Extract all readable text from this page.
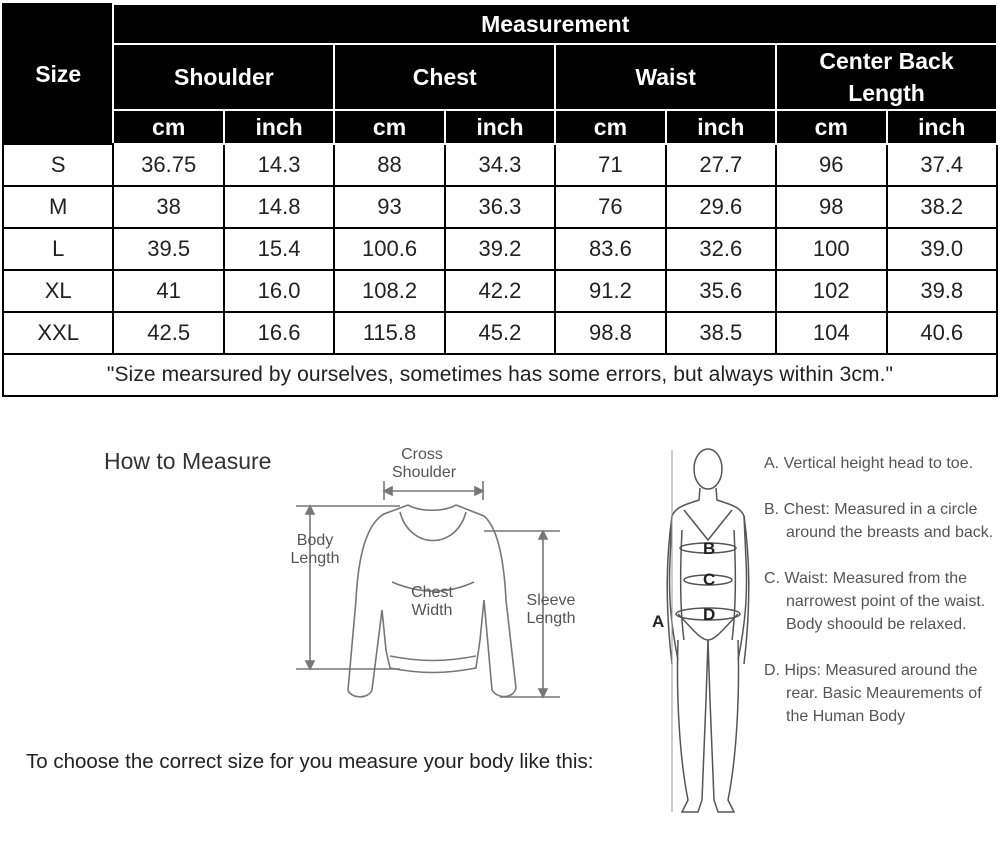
Size	Measurement							
	Shoulder		Chest		Waist		Center Back Length	
	cm	inch	cm	inch	cm	inch	cm	inch
S	36.75	14.3	88	34.3	71	27.7	96	37.4
M	38	14.8	93	36.3	76	29.6	98	38.2
L	39.5	15.4	100.6	39.2	83.6	32.6	100	39.0
XL	41	16.0	108.2	42.2	91.2	35.6	102	39.8
XXL	42.5	16.6	115.8	45.2	98.8	38.5	104	40.6
"Size mearsured by ourselves, sometimes has some errors, but always within 3cm."								
How to Measure	Cross
Shoulder
Body
Length
Chest
Width
Sleeve
Length
To choose the correct size for you measure your body like this:
B
C
D
A
A. Vertical height head to toe.
B. Chest: Measured in a circle around the breasts and back.
C. Waist: Measured from the narrowest point of the waist. Body shoould be relaxed.
D. Hips: Measured around the rear. Basic Meaurements of the Human Body
